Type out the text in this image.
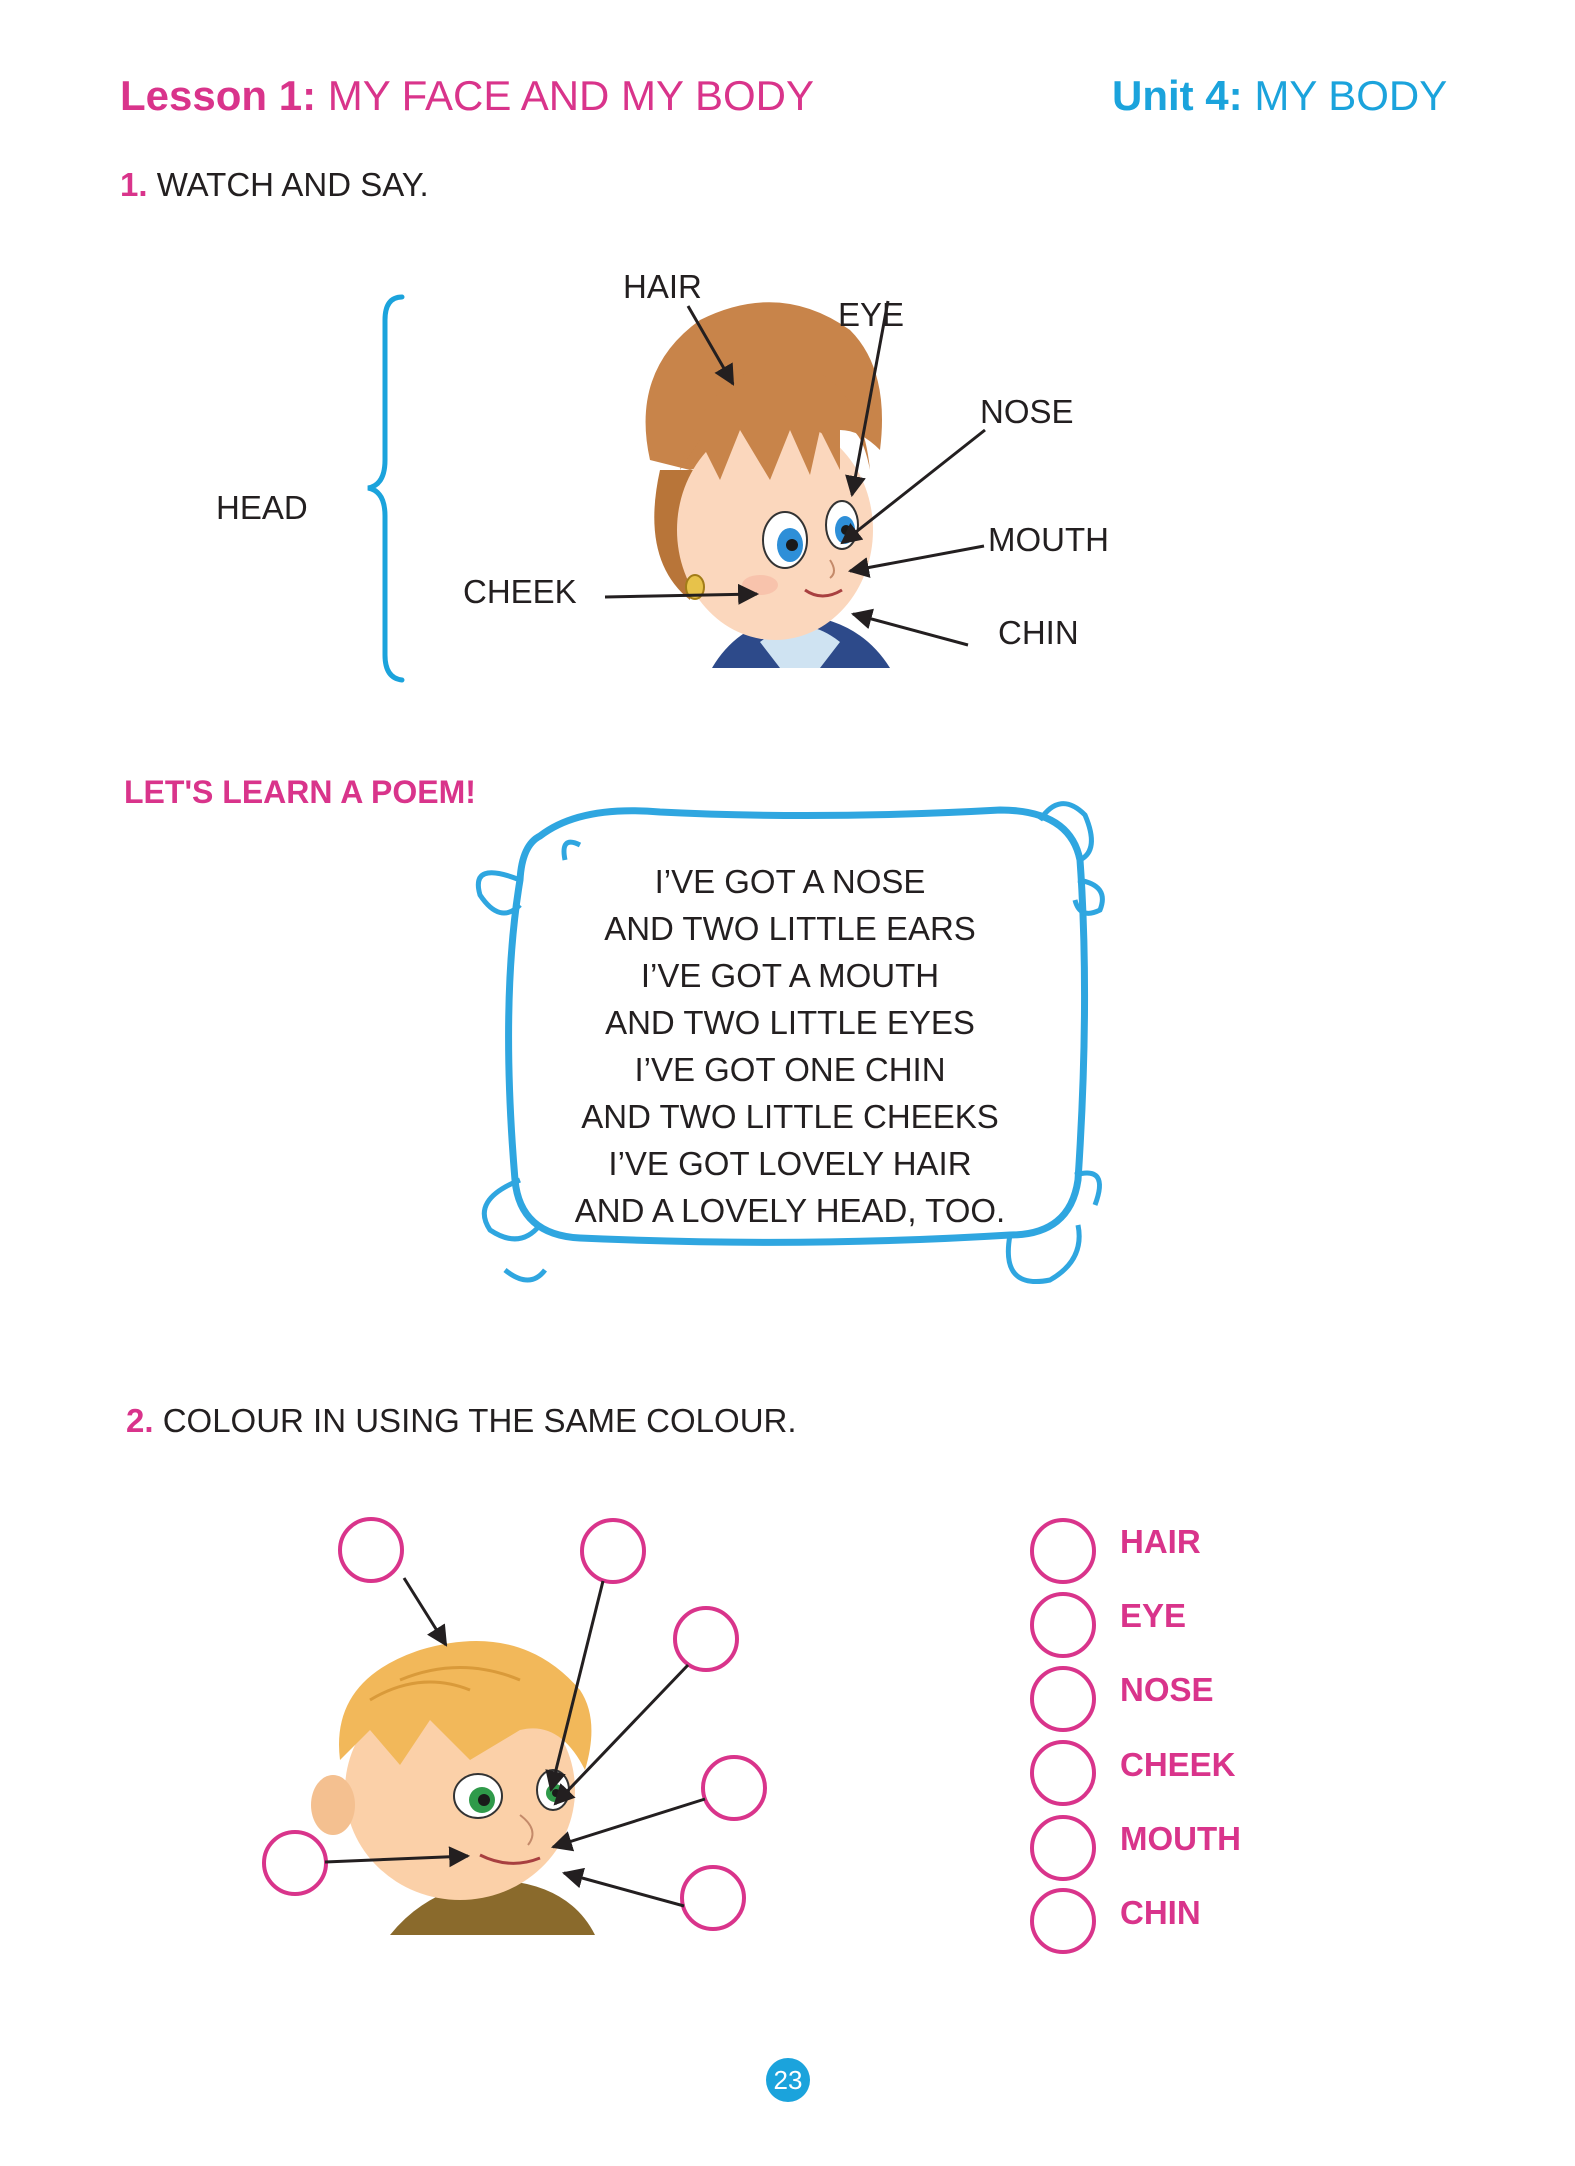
Lesson 1: MY FACE AND MY BODY	Unit 4: MY BODY
1. WATCH AND SAY.
HEAD
HAIR
EYE
NOSE
MOUTH
CHEEK
CHIN
LET'S LEARN A POEM!
I’VE GOT A NOSE
AND TWO LITTLE EARS
I’VE GOT A MOUTH
AND TWO LITTLE EYES
I’VE GOT ONE CHIN
AND TWO LITTLE CHEEKS
I’VE GOT LOVELY HAIR
AND A LOVELY HEAD, TOO.
2. COLOUR IN USING THE SAME COLOUR.
HAIR
EYE
NOSE
CHEEK
MOUTH
CHIN
23
